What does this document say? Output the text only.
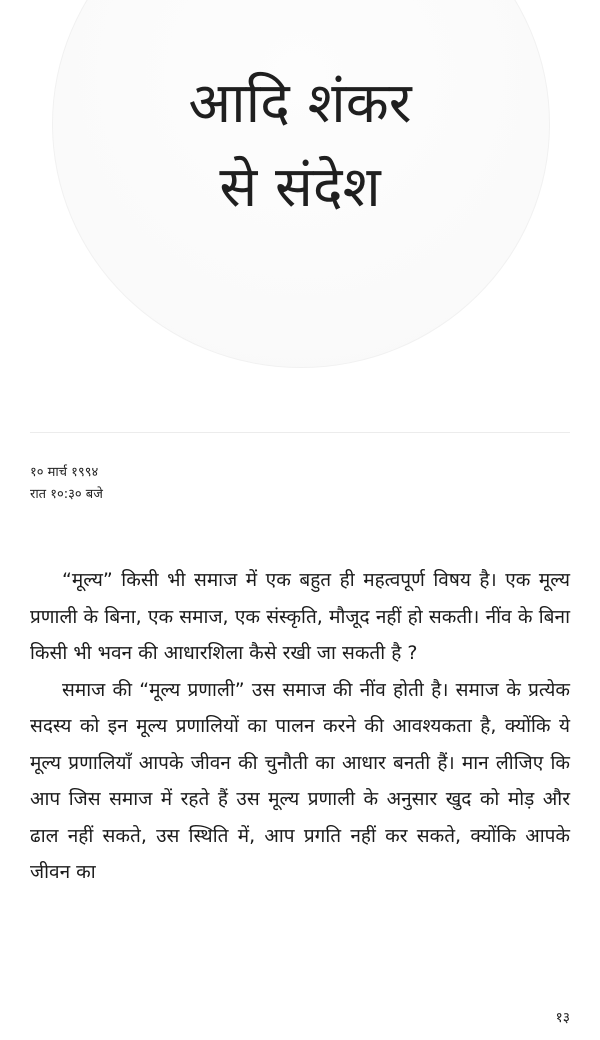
आदि शंकर
से संदेश
१० मार्च १९९४
रात १०:३० बजे

“मूल्य” किसी भी समाज में एक बहुत ही महत्वपूर्ण विषय है। एक मूल्य प्रणाली के बिना, एक समाज, एक संस्कृति, मौजूद नहीं हो सकती। नींव के बिना किसी भी भवन की आधारशिला कैसे रखी जा सकती है ?

समाज की “मूल्य प्रणाली” उस समाज की नींव होती है। समाज के प्रत्येक सदस्य को इन मूल्य प्रणालियों का पालन करने की आवश्यकता है, क्योंकि ये मूल्य प्रणालियाँ आपके जीवन की चुनौती का आधार बनती हैं। मान लीजिए कि आप जिस समाज में रहते हैं उस मूल्य प्रणाली के अनुसार खुद को मोड़ और ढाल नहीं सकते, उस स्थिति में, आप प्रगति नहीं कर सकते, क्योंकि आपके जीवन का

१३
